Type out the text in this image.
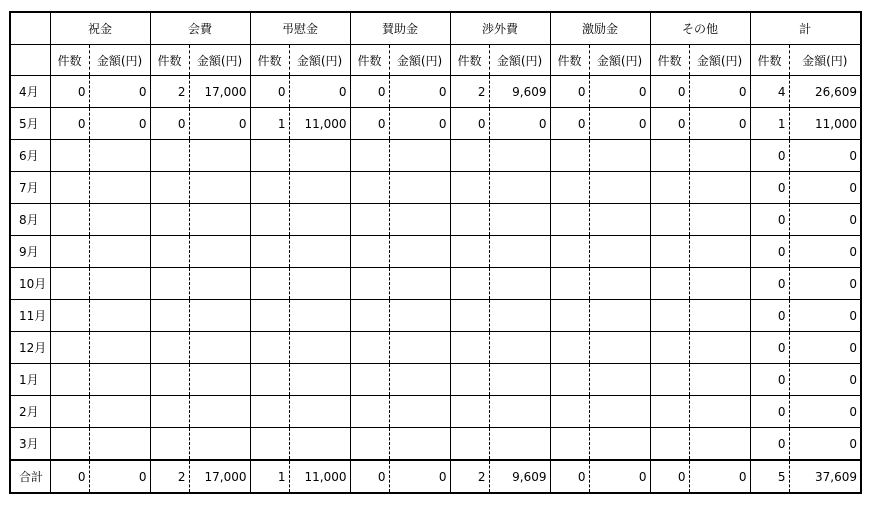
	祝金		会費		弔慰金		賛助金		渉外費		激励金		その他		計	
	件数	金額(円)	件数	金額(円)	件数	金額(円)	件数	金額(円)	件数	金額(円)	件数	金額(円)	件数	金額(円)	件数	金額(円)
4月	0	0	2	17,000	0	0	0	0	2	9,609	0	0	0	0	4	26,609
5月	0	0	0	0	1	11,000	0	0	0	0	0	0	0	0	1	11,000
6月															0	0
7月															0	0
8月															0	0
9月															0	0
10月															0	0
11月															0	0
12月															0	0
1月															0	0
2月															0	0
3月															0	0
合計	0	0	2	17,000	1	11,000	0	0	2	9,609	0	0	0	0	5	37,609
